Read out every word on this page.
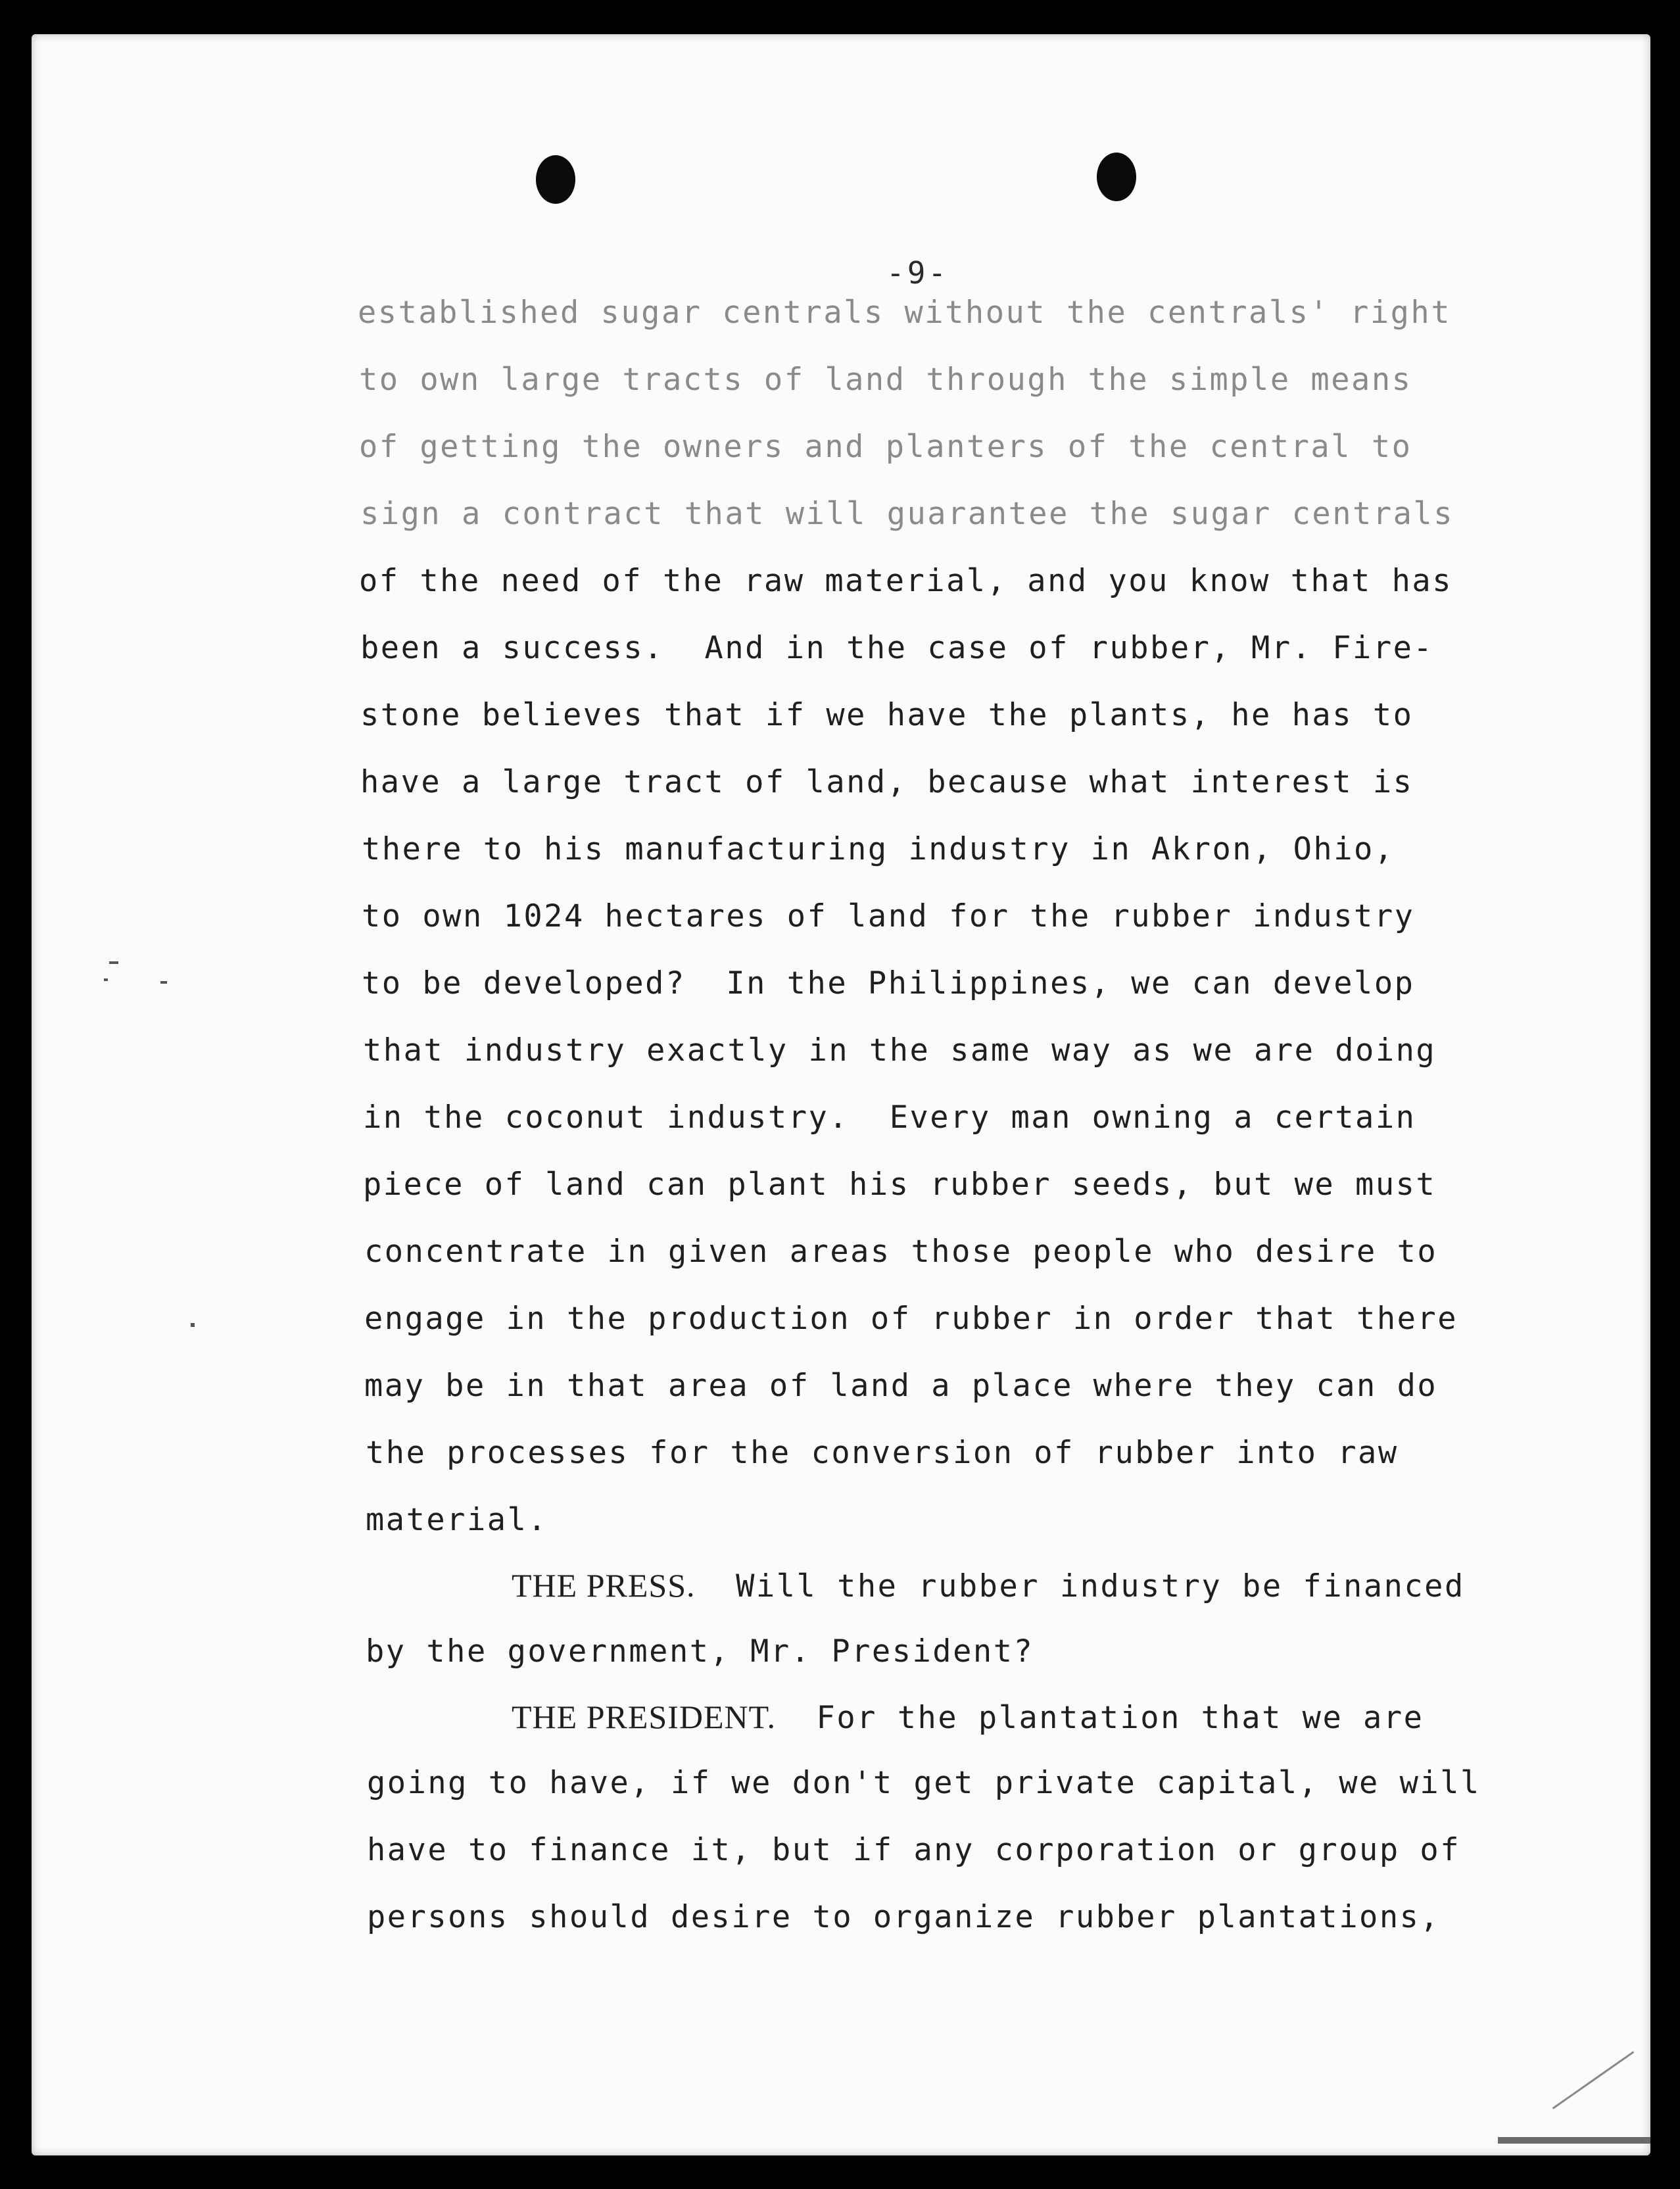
-9-
established sugar centrals without the centrals' right
to own large tracts of land through the simple means
of getting the owners and planters of the central to
sign a contract that will guarantee the sugar centrals
of the need of the raw material, and you know that has
been a success.  And in the case of rubber, Mr. Fire-
stone believes that if we have the plants, he has to
have a large tract of land, because what interest is
there to his manufacturing industry in Akron, Ohio,
to own 1024 hectares of land for the rubber industry
to be developed?  In the Philippines, we can develop
that industry exactly in the same way as we are doing
in the coconut industry.  Every man owning a certain
piece of land can plant his rubber seeds, but we must
concentrate in given areas those people who desire to
engage in the production of rubber in order that there
may be in that area of land a place where they can do
the processes for the conversion of rubber into raw
material.
THE PRESS. Will the rubber industry be financed
by the government, Mr. President?
THE PRESIDENT. For the plantation that we are
going to have, if we don't get private capital, we will
have to finance it, but if any corporation or group of
persons should desire to organize rubber plantations,
